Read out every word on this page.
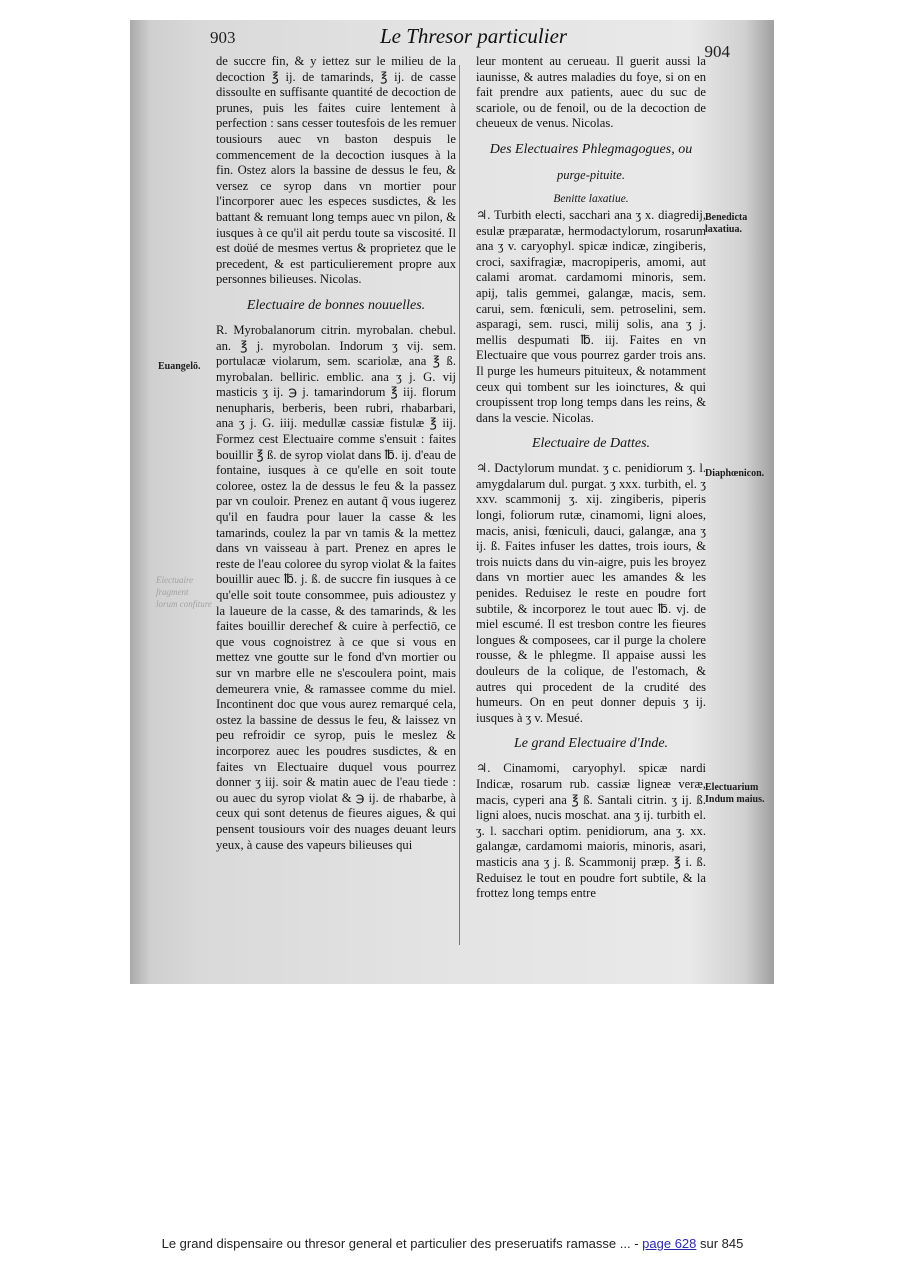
903	Le Thresor particulier
904

de succre fin, & y iettez sur le milieu de la decoction ℥ ij. de tamarinds, ℥ ij. de casse dissoulte en suffisante quantité de decoction de prunes, puis les faites cuire lentement à perfection : sans cesser toutesfois de les remuer tousiours auec vn baston despuis le commencement de la decoction iusques à la fin. Ostez alors la bassine de dessus le feu, & versez ce syrop dans vn mortier pour l'incorporer auec les especes susdictes, & les battant & remuant long temps auec vn pilon, & iusques à ce qu'il ait perdu toute sa viscosité. Il est doüé de mesmes vertus & proprietez que le precedent, & est particulierement propre aux personnes bilieuses. Nicolas.

Electuaire de bonnes nouuelles.

R. Myrobalanorum citrin. myrobalan. chebul. an. ℥ j. myrobolan. Indorum ʒ vij. sem. portulacæ violarum, sem. scariolæ, ana ℥ ß. myrobalan. belliric. emblic. ana ʒ j. G. vij masticis ʒ ij. ℈ j. tamarindorum ℥ iij. florum nenupharis, berberis, been rubri, rhabarbari, ana ʒ j. G. iiij. medullæ cassiæ fistulæ ℥ iij. Formez cest Electuaire comme s'ensuit : faites bouillir ℥ ß. de syrop violat dans ℔. ij. d'eau de fontaine, iusques à ce qu'elle en soit toute coloree, ostez la de dessus le feu & la passez par vn couloir. Prenez en autant q̃ vous iugerez qu'il en faudra pour lauer la casse & les tamarinds, coulez la par vn tamis & la mettez dans vn vaisseau à part. Prenez en apres le reste de l'eau coloree du syrop violat & la faites bouillir auec ℔. j. ß. de succre fin iusques à ce qu'elle soit toute consommee, puis adioustez y la laueure de la casse, & des tamarinds, & les faites bouillir derechef & cuire à perfectiō, ce que vous cognoistrez à ce que si vous en mettez vne goutte sur le fond d'vn mortier ou sur vn marbre elle ne s'escoulera point, mais demeurera vnie, & ramassee comme du miel. Incontinent doc que vous aurez remarqué cela, ostez la bassine de dessus le feu, & laissez vn peu refroidir ce syrop, puis le meslez & incorporez auec les poudres susdictes, & en faites vn Electuaire duquel vous pourrez donner ʒ iij. soir & matin auec de l'eau tiede : ou auec du syrop violat & ℈ ij. de rhabarbe, à ceux qui sont detenus de fieures aigues, & qui pensent tousiours voir des nuages deuant leurs yeux, à cause des vapeurs bilieuses qui

leur montent au cerueau. Il guerit aussi la iaunisse, & autres maladies du foye, si on en fait prendre aux patients, auec du suc de scariole, ou de fenoil, ou de la decoction de cheueux de venus. Nicolas.

Des Electuaires Phlegmagogues, ou
purge-pituite.
Benitte laxatiue.

♃. Turbith electi, sacchari ana ʒ x. diagredij, esulæ præparatæ, hermodactylorum, rosarum ana ʒ v. caryophyl. spicæ indicæ, zingiberis, croci, saxifragiæ, macropiperis, amomi, aut calami aromat. cardamomi minoris, sem. apij, talis gemmei, galangæ, macis, sem. carui, sem. fœniculi, sem. petroselini, sem. asparagi, sem. rusci, milij solis, ana ʒ j. mellis despumati ℔. iij. Faites en vn Electuaire que vous pourrez garder trois ans. Il purge les humeurs pituiteux, & notamment ceux qui tombent sur les ioinctures, & qui croupissent trop long temps dans les reins, & dans la vescie. Nicolas.

Electuaire de Dattes.

♃. Dactylorum mundat. ʒ c. penidiorum ʒ. l. amygdalarum dul. purgat. ʒ xxx. turbith, el. ʒ xxv. scammonij ʒ. xij. zingiberis, piperis longi, foliorum rutæ, cinamomi, ligni aloes, macis, anisi, fœniculi, dauci, galangæ, ana ʒ ij. ß. Faites infuser les dattes, trois iours, & trois nuicts dans du vin-aigre, puis les broyez dans vn mortier auec les amandes & les penides. Reduisez le reste en poudre fort subtile, & incorporez le tout auec ℔. vj. de miel escumé. Il est tresbon contre les fieures longues & composees, car il purge la cholere rousse, & le phlegme. Il appaise aussi les douleurs de la colique, de l'estomach, & autres qui procedent de la crudité des humeurs. On en peut donner depuis ʒ ij. iusques à ʒ v. Mesué.

Le grand Electuaire d'Inde.

♃. Cinamomi, caryophyl. spicæ nardi Indicæ, rosarum rub. cassiæ ligneæ veræ, macis, cyperi ana ℥ ß. Santali citrin. ʒ ij. ß. ligni aloes, nucis moschat. ana ʒ ij. turbith el. ʒ. l. sacchari optim. penidiorum, ana ʒ. xx. galangæ, cardamomi maioris, minoris, asari, masticis ana ʒ j. ß. Scammonij præp. ℥ i. ß. Reduisez le tout en poudre fort subtile, & la frottez long temps entre

Euangelō.
Electuaire fragment lorum confiture
Benedicta laxatiua.
Diaphœnicon.
Electuarium Indum maius.
Le grand dispensaire ou thresor general et particulier des preseruatifs ramasse ... - page 628 sur 845
